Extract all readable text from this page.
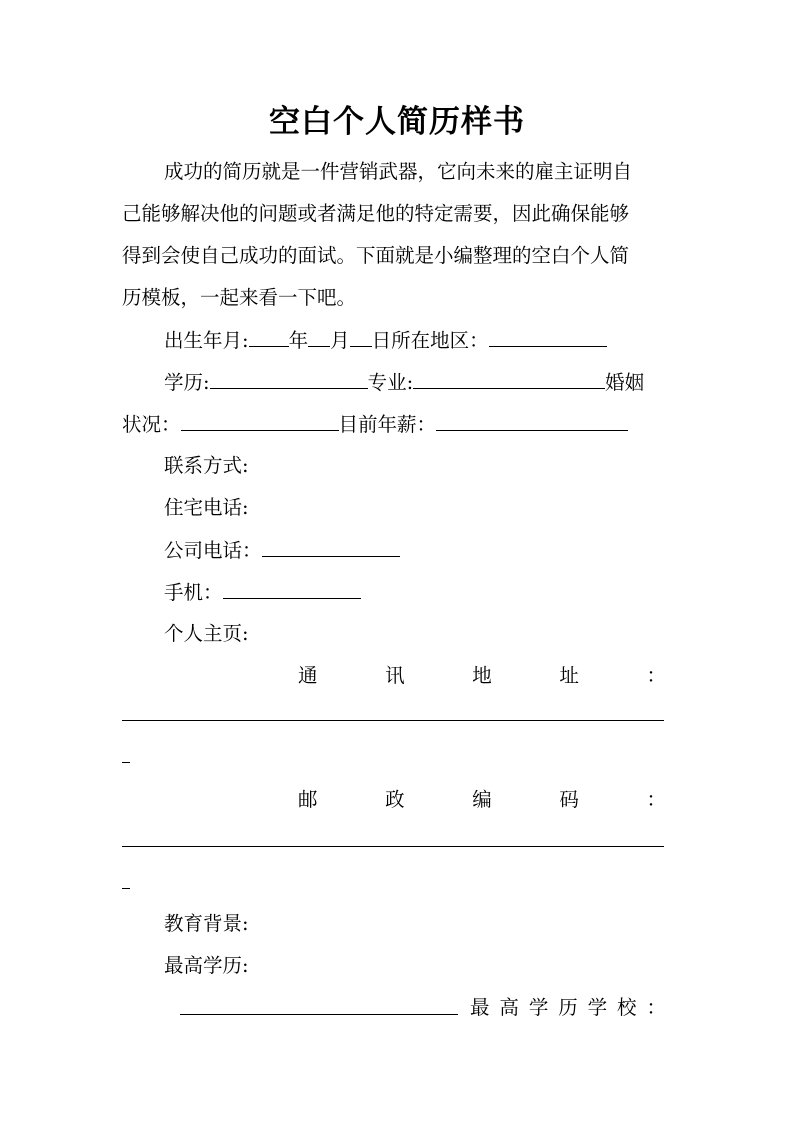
空白个人简历样书
成功的简历就是一件营销武器，它向未来的雇主证明自
己能够解决他的问题或者满足他的特定需要，因此确保能够
得到会使自己成功的面试。下面就是小编整理的空白个人简
历模板，一起来看一下吧。
出生年月: 年 月 日所在地区：
学历:	专业:	婚姻
状况：	目前年薪：
联系方式:
住宅电话:
公司电话：
手机：
个人主页:
通	讯	地	址	：
邮	政	编	码	：
教育背景:
最高学历:
最 高 学 历 学 校 ：
